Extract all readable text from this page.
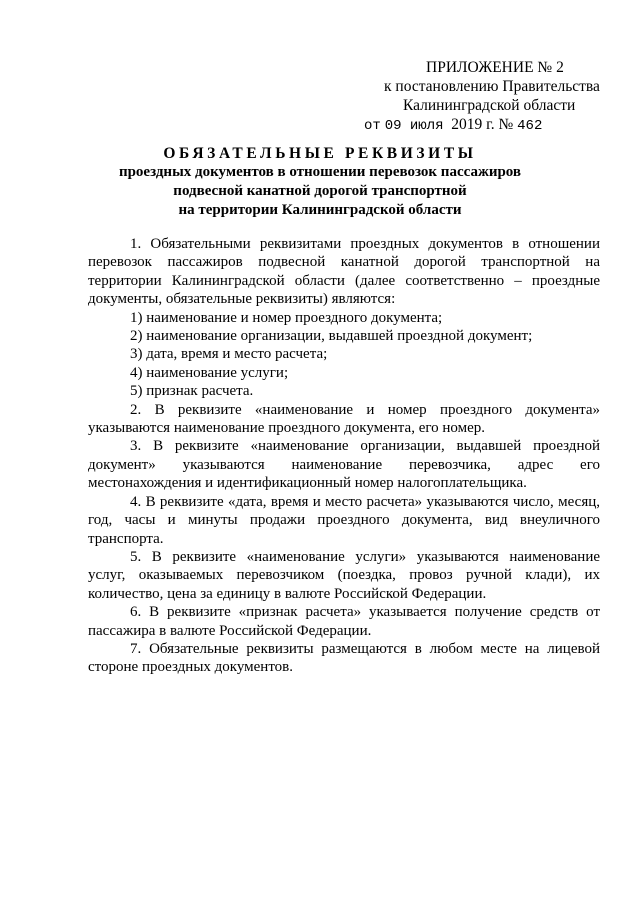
ПРИЛОЖЕНИЕ № 2
к постановлению Правительства
Калининградской области
от 09 июля 2019 г. № 462
ОБЯЗАТЕЛЬНЫЕ РЕКВИЗИТЫ
проездных документов в отношении перевозок пассажиров
подвесной канатной дорогой транспортной
на территории Калининградской области

1. Обязательными реквизитами проездных документов в отношении перевозок пассажиров подвесной канатной дорогой транспортной на территории Калининградской области (далее соответственно – проездные документы, обязательные реквизиты) являются:

1) наименование и номер проездного документа;

2) наименование организации, выдавшей проездной документ;

3) дата, время и место расчета;

4) наименование услуги;

5) признак расчета.

2. В реквизите «наименование и номер проездного документа» указываются наименование проездного документа, его номер.

3. В реквизите «наименование организации, выдавшей проездной документ» указываются наименование перевозчика, адрес его местонахождения и идентификационный номер налогоплательщика.

4. В реквизите «дата, время и место расчета» указываются число, месяц, год, часы и минуты продажи проездного документа, вид внеуличного транспорта.

5. В реквизите «наименование услуги» указываются наименование услуг, оказываемых перевозчиком (поездка, провоз ручной клади), их количество, цена за единицу в валюте Российской Федерации.

6. В реквизите «признак расчета» указывается получение средств от пассажира в валюте Российской Федерации.

7. Обязательные реквизиты размещаются в любом месте на лицевой стороне проездных документов.
